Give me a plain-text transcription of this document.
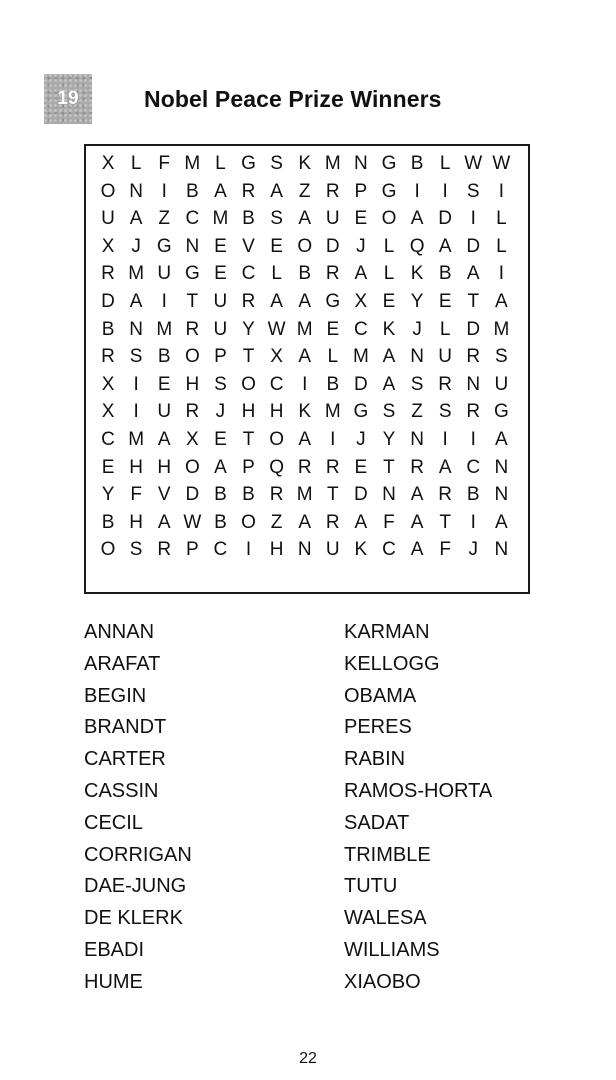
19	Nobel Peace Prize Winners
X	L	F	M	L	G	S	K	M	N	G	B	L	W	W
O	N	I	B	A	R	A	Z	R	P	G	I	I	S	I
U	A	Z	C	M	B	S	A	U	E	O	A	D	I	L
X	J	G	N	E	V	E	O	D	J	L	Q	A	D	L
R	M	U	G	E	C	L	B	R	A	L	K	B	A	I
D	A	I	T	U	R	A	A	G	X	E	Y	E	T	A
B	N	M	R	U	Y	W	M	E	C	K	J	L	D	M
R	S	B	O	P	T	X	A	L	M	A	N	U	R	S
X	I	E	H	S	O	C	I	B	D	A	S	R	N	U
X	I	U	R	J	H	H	K	M	G	S	Z	S	R	G
C	M	A	X	E	T	O	A	I	J	Y	N	I	I	A
E	H	H	O	A	P	Q	R	R	E	T	R	A	C	N
Y	F	V	D	B	B	R	M	T	D	N	A	R	B	N
B	H	A	W	B	O	Z	A	R	A	F	A	T	I	A
O	S	R	P	C	I	H	N	U	K	C	A	F	J	N
ANNAN
ARAFAT
BEGIN
BRANDT
CARTER
CASSIN
CECIL
CORRIGAN
DAE-JUNG
DE KLERK
EBADI
HUME
KARMAN
KELLOGG
OBAMA
PERES
RABIN
RAMOS-HORTA
SADAT
TRIMBLE
TUTU
WALESA
WILLIAMS
XIAOBO
22
